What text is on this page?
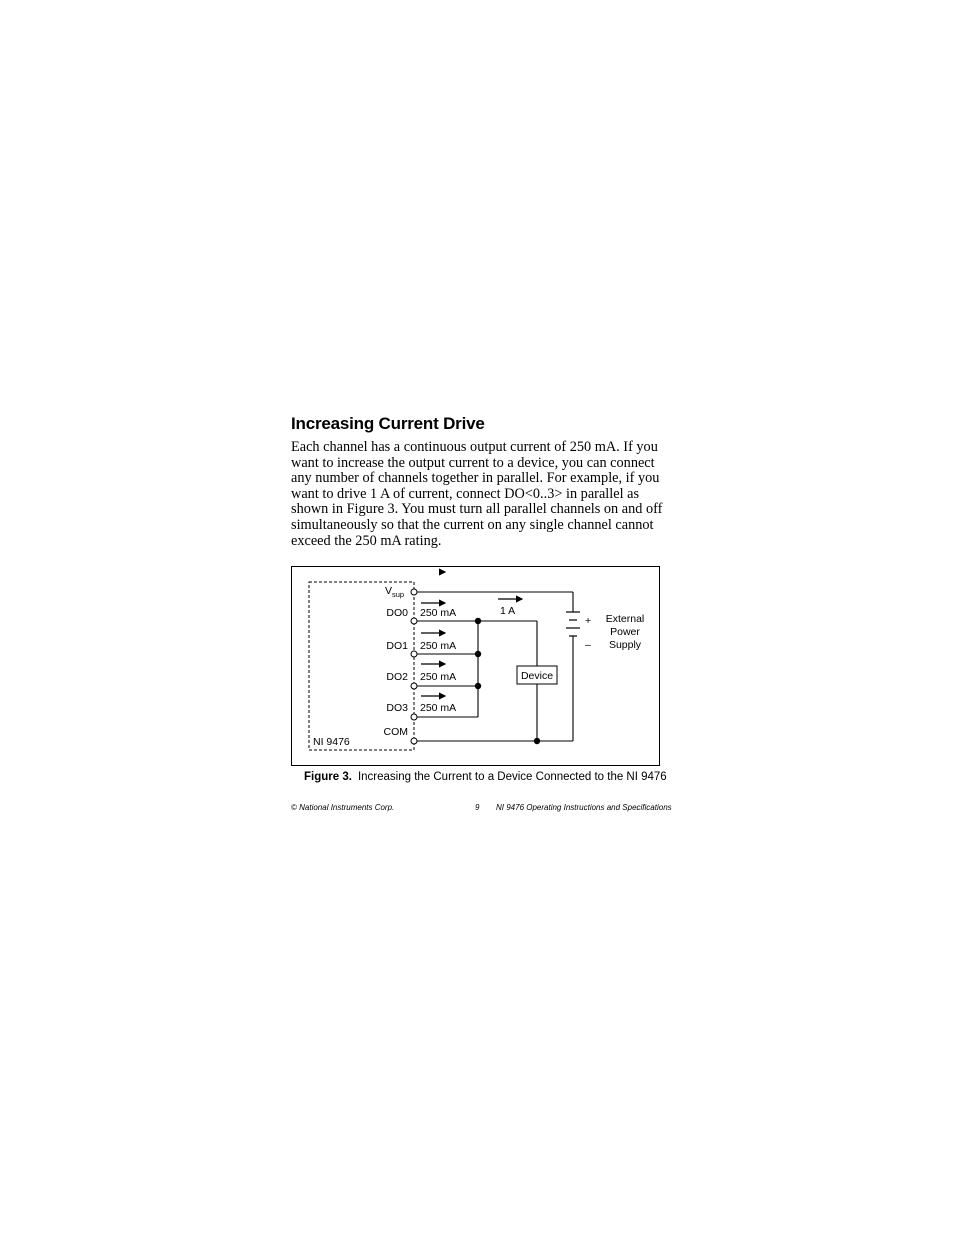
Increasing Current Drive

Each channel has a continuous output current of 250 mA. If you want to increase the output current to a device, you can connect any number of channels together in parallel. For example, if you want to drive 1 A of current, connect DO<0..3> in parallel as shown in Figure 3. You must turn all parallel channels on and off simultaneously so that the current on any single channel cannot exceed the 250 mA rating.

Device
$V_{sup}$
DO0
DO1
DO2
DO3
COM
NI 9476
250 mA
250 mA
250 mA
250 mA
1 A
+
–
External
Power
Supply
Figure 3. Increasing the Current to a Device Connected to the NI 9476
© National Instruments Corp.	9 NI 9476 Operating Instructions and Specifications
